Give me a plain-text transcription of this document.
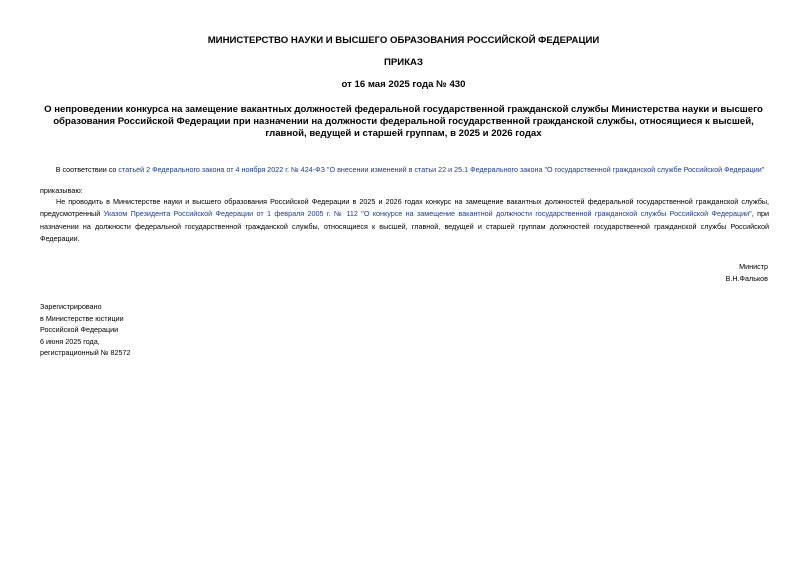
МИНИСТЕРСТВО НАУКИ И ВЫСШЕГО ОБРАЗОВАНИЯ РОССИЙСКОЙ ФЕДЕРАЦИИ

ПРИКАЗ

от 16 мая 2025 года № 430

О непроведении конкурса на замещение вакантных должностей федеральной государственной гражданской службы Министерства науки и высшего образования Российской Федерации при назначении на должности федеральной государственной гражданской службы, относящиеся к высшей, главной, ведущей и старшей группам, в 2025 и 2026 годах

В соответствии со статьей 2 Федерального закона от 4 ноября 2022 г. № 424-ФЗ "О внесении изменений в статьи 22 и 25.1 Федерального закона "О государственной гражданской службе Российской Федерации"

приказываю:

Не проводить в Министерстве науки и высшего образования Российской Федерации в 2025 и 2026 годах конкурс на замещение вакантных должностей федеральной государственной гражданской службы, предусмотренный Указом Президента Российской Федерации от 1 февраля 2005 г. № 112 "О конкурсе на замещение вакантной должности государственной гражданской службы Российской Федерации", при назначении на должности федеральной государственной гражданской службы, относящиеся к высшей, главной, ведущей и старшей группам должностей государственной гражданской службы Российской Федерации.

Министр
В.Н.Фальков
Зарегистрировано
в Министерстве юстиции
Российской Федерации
6 июня 2025 года,
регистрационный № 82572
